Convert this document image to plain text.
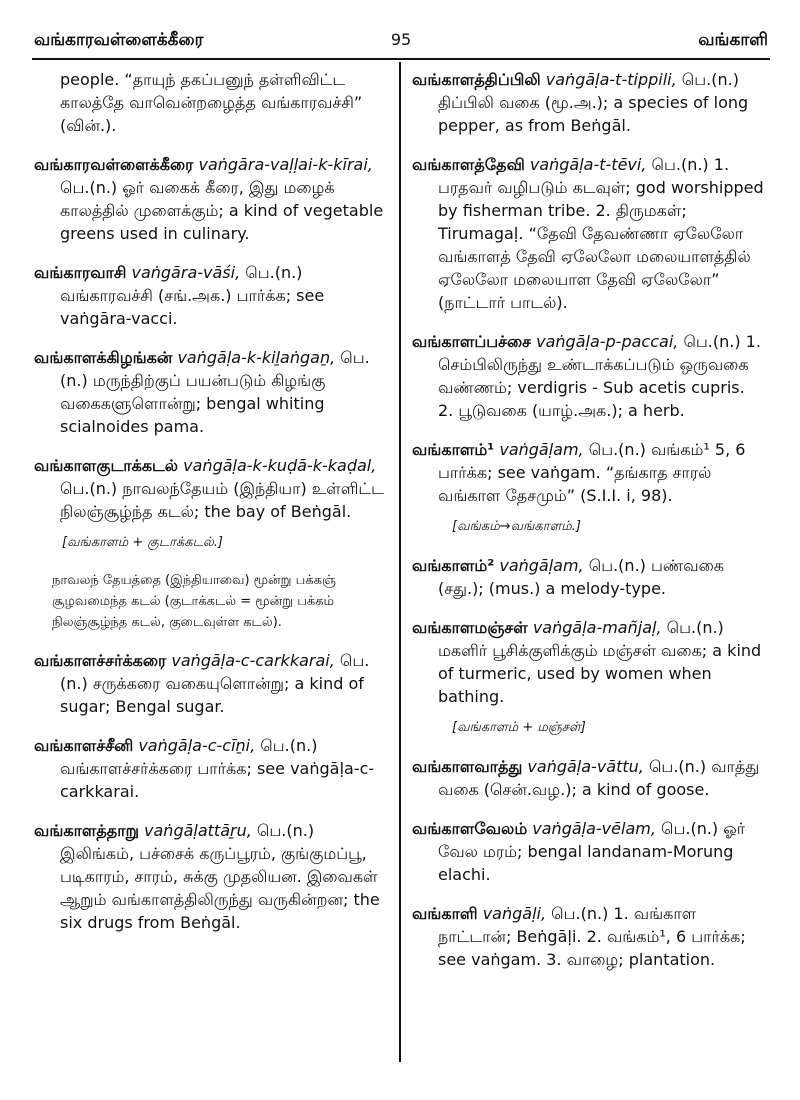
வங்காரவள்ளைக்கீரை	95	வங்காளி
people. “தாயுந் தகப்பனுந் தள்ளிவிட்ட காலத்தே வாவென்றழைத்த வங்காரவச்சி” (வின்.).
வங்காரவள்ளைக்கீரை vaṅgāra-vaḷḷai-k-kīrai, பெ.(n.) ஓர் வகைக் கீரை, இது மழைக் காலத்தில் முளைக்கும்; a kind of vegetable greens used in culinary.
வங்காரவாசி vaṅgāra-vāśi, பெ.(n.) வங்காரவச்சி (சங்.அக.) பார்க்க; see vaṅgāra-vacci.
வங்காளக்கிழங்கன் vaṅgāḷa-k-kiḻaṅgaṉ, பெ.(n.) மருந்திற்குப் பயன்படும் கிழங்கு வகைகளுளொன்று; bengal whiting scialnoides pama.
வங்காளகுடாக்கடல் vaṅgāḷa-k-kuḍā-k-kaḍal, பெ.(n.) நாவலந்தேயம் (இந்தியா) உள்ளிட்ட நிலஞ்சூழ்ந்த கடல்; the bay of Beṅgāl.
[வங்காளம் + குடாக்கடல்.]
நாவலந் தேயத்தை (இந்தியாவை) மூன்று பக்கஞ் சூழவமைந்த கடல் (குடாக்கடல் = மூன்று பக்கம் நிலஞ்சூழ்ந்த கடல், குடைவுள்ள கடல்).
வங்காளச்சர்க்கரை vaṅgāḷa-c-carkkarai, பெ.(n.) சருக்கரை வகையுளொன்று; a kind of sugar; Bengal sugar.
வங்காளச்சீனி vaṅgāḷa-c-cīṉi, பெ.(n.) வங்காளச்சர்க்கரை பார்க்க; see vaṅgāḷa-c-carkkarai.
வங்காளத்தாறு vaṅgāḷattāṟu, பெ.(n.) இலிங்கம், பச்சைக் கருப்பூரம், குங்குமப்பூ, படிகாரம், சாரம், சுக்கு முதலியன. இவைகள் ஆறும் வங்காளத்திலிருந்து வருகின்றன; the six drugs from Beṅgāl.
வங்காளத்திப்பிலி vaṅgāḷa-t-tippili, பெ.(n.) திப்பிலி வகை (மூ.அ.); a species of long pepper, as from Beṅgāl.
வங்காளத்தேவி vaṅgāḷa-t-tēvi, பெ.(n.) 1. பரதவர் வழிபடும் கடவுள்; god worshipped by fisherman tribe. 2. திருமகள்; Tirumagaḷ. “தேவி தேவண்ணா ஏலேலோ வங்காளத் தேவி ஏலேலோ மலையாளத்தில் ஏலேலோ மலையாள தேவி ஏலேலோ” (நாட்டார் பாடல்).
வங்காளப்பச்சை vaṅgāḷa-p-paccai, பெ.(n.) 1. செம்பிலிருந்து உண்டாக்கப்படும் ஒருவகை வண்ணம்; verdigris - Sub acetis cupris. 2. பூடுவகை (யாழ்.அக.); a herb.
வங்காளம்¹ vaṅgāḷam, பெ.(n.) வங்கம்¹ 5, 6 பார்க்க; see vaṅgam. “தங்காத சாரல் வங்காள தேசமும்” (S.I.I. i, 98).
[வங்கம்→வங்காளம்.]
வங்காளம்² vaṅgāḷam, பெ.(n.) பண்வகை (சது.); (mus.) a melody-type.
வங்காளமஞ்சள் vaṅgāḷa-mañjaḷ, பெ.(n.) மகளிர் பூசிக்குளிக்கும் மஞ்சள் வகை; a kind of turmeric, used by women when bathing.
[வங்காளம் + மஞ்சள்]
வங்காளவாத்து vaṅgāḷa-vāttu, பெ.(n.) வாத்து வகை (சென்.வழ.); a kind of goose.
வங்காளவேலம் vaṅgāḷa-vēlam, பெ.(n.) ஓர் வேல மரம்; bengal landanam-Morung elachi.
வங்காளி vaṅgāḷi, பெ.(n.) 1. வங்காள நாட்டான்; Beṅgāḷi. 2. வங்கம்¹, 6 பார்க்க; see vaṅgam. 3. வாழை; plantation.
